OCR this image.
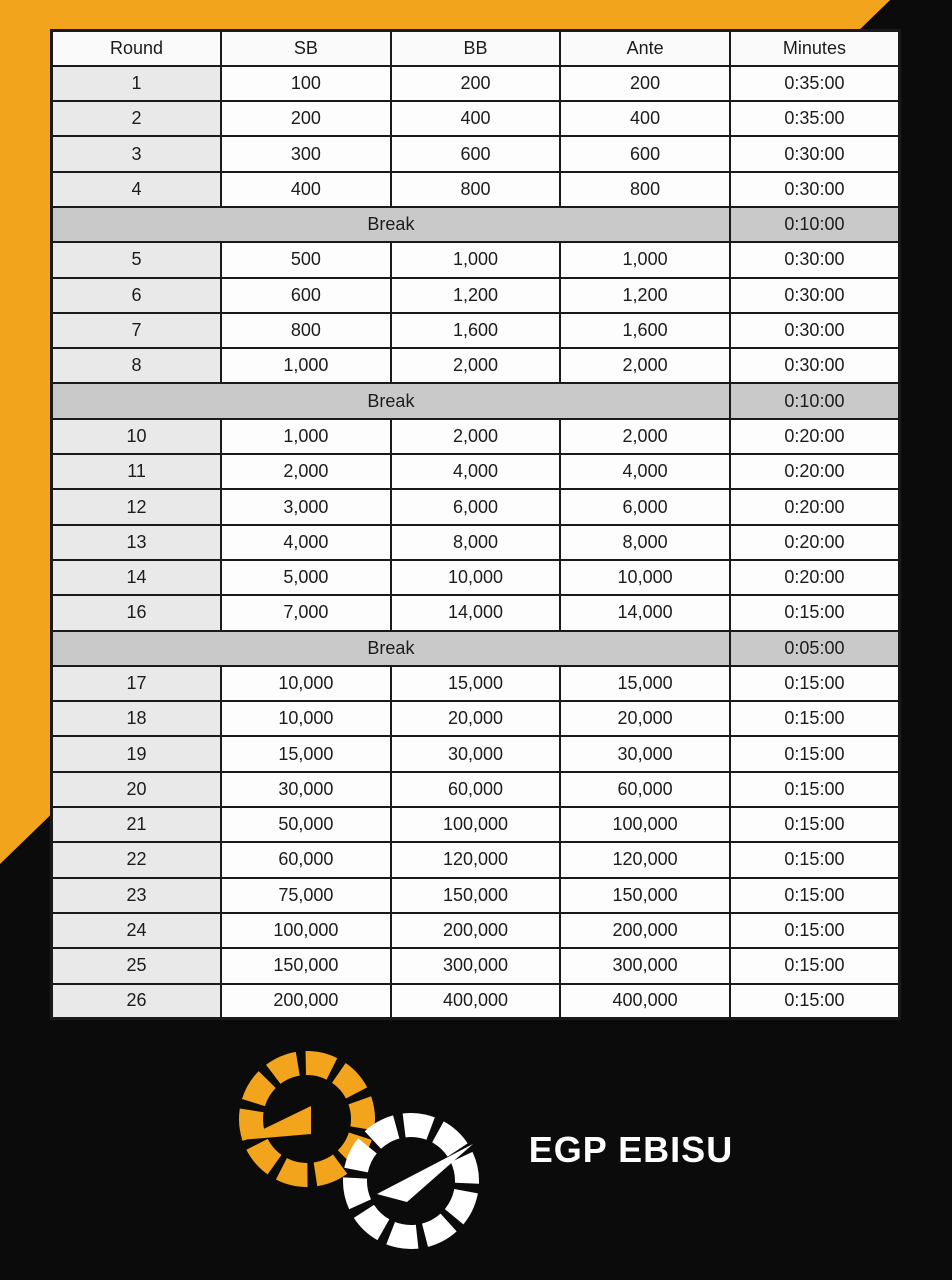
Round	SB	BB	Ante	Minutes
1	100	200	200	0:35:00
2	200	400	400	0:35:00
3	300	600	600	0:30:00
4	400	800	800	0:30:00
Break				0:10:00
5	500	1,000	1,000	0:30:00
6	600	1,200	1,200	0:30:00
7	800	1,600	1,600	0:30:00
8	1,000	2,000	2,000	0:30:00
Break				0:10:00
10	1,000	2,000	2,000	0:20:00
11	2,000	4,000	4,000	0:20:00
12	3,000	6,000	6,000	0:20:00
13	4,000	8,000	8,000	0:20:00
14	5,000	10,000	10,000	0:20:00
16	7,000	14,000	14,000	0:15:00
Break				0:05:00
17	10,000	15,000	15,000	0:15:00
18	10,000	20,000	20,000	0:15:00
19	15,000	30,000	30,000	0:15:00
20	30,000	60,000	60,000	0:15:00
21	50,000	100,000	100,000	0:15:00
22	60,000	120,000	120,000	0:15:00
23	75,000	150,000	150,000	0:15:00
24	100,000	200,000	200,000	0:15:00
25	150,000	300,000	300,000	0:15:00
26	200,000	400,000	400,000	0:15:00
EGP EBISU
